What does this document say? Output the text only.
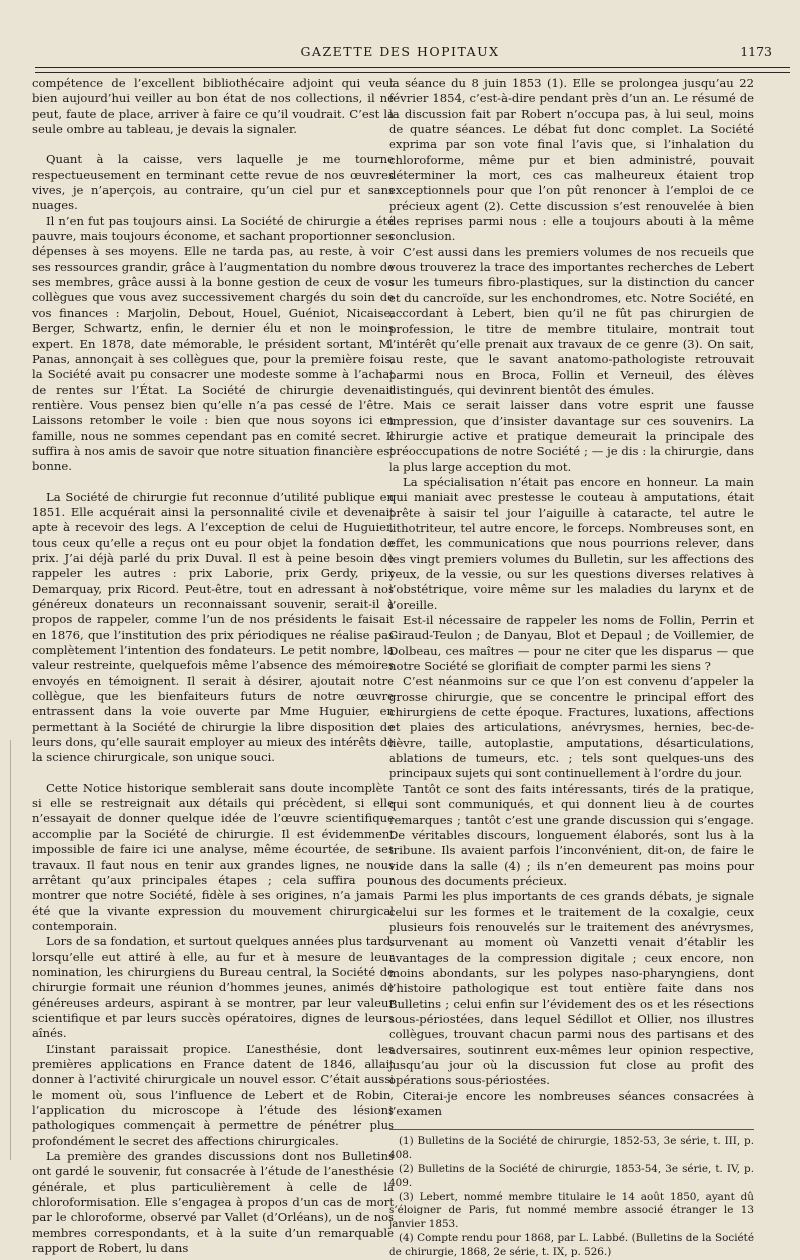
GAZETTE DES HOPITAUX	1173

compétence de l’excellent bibliothécaire adjoint qui veut bien aujourd’hui veiller au bon état de nos collections, il ne peut, faute de place, arriver à faire ce qu’il voudrait. C’est la seule ombre au tableau, je devais la signaler.

Quant à la caisse, vers laquelle je me tourne respectueusement en terminant cette revue de nos œuvres vives, je n’aperçois, au contraire, qu’un ciel pur et sans nuages.

Il n’en fut pas toujours ainsi. La Société de chirurgie a été pauvre, mais toujours économe, et sachant proportionner ses dépenses à ses moyens. Elle ne tarda pas, au reste, à voir ses ressources grandir, grâce à l’augmentation du nombre de ses membres, grâce aussi à la bonne gestion de ceux de vos collègues que vous avez successivement chargés du soin de vos finances : Marjolin, Debout, Houel, Guéniot, Nicaise, Berger, Schwartz, enfin, le dernier élu et non le moins expert. En 1878, date mémorable, le président sortant, M. Panas, annonçait à ses collègues que, pour la première fois, la Société avait pu consacrer une modeste somme à l’achat de rentes sur l’État. La Société de chirurgie devenait rentière. Vous pensez bien qu’elle n’a pas cessé de l’être. Laissons retomber le voile : bien que nous soyons ici en famille, nous ne sommes cependant pas en comité secret. Il suffira à nos amis de savoir que notre situation financière est bonne.

La Société de chirurgie fut reconnue d’utilité publique en 1851. Elle acquérait ainsi la personnalité civile et devenait apte à recevoir des legs. A l’exception de celui de Huguier, tous ceux qu’elle a reçus ont eu pour objet la fondation de prix. J’ai déjà parlé du prix Duval. Il est à peine besoin de rappeler les autres : prix Laborie, prix Gerdy, prix Demarquay, prix Ricord. Peut-être, tout en adressant à nos généreux donateurs un reconnaissant souvenir, serait-il à propos de rappeler, comme l’un de nos présidents le faisait en 1876, que l’institution des prix périodiques ne réalise pas complètement l’intention des fondateurs. Le petit nombre, la valeur restreinte, quelquefois même l’absence des mémoires envoyés en témoignent. Il serait à désirer, ajoutait notre collègue, que les bienfaiteurs futurs de notre œuvre entrassent dans la voie ouverte par Mme Huguier, en permettant à la Société de chirurgie la libre disposition de leurs dons, qu’elle saurait employer au mieux des intérêts de la science chirurgicale, son unique souci.

Cette Notice historique semblerait sans doute incomplète si elle se restreignait aux détails qui précèdent, si elle n’essayait de donner quelque idée de l’œuvre scientifique accomplie par la Société de chirurgie. Il est évidemment impossible de faire ici une analyse, même écourtée, de ses travaux. Il faut nous en tenir aux grandes lignes, ne nous arrêtant qu’aux principales étapes ; cela suffira pour montrer que notre Société, fidèle à ses origines, n’a jamais été que la vivante expression du mouvement chirurgical contemporain.

Lors de sa fondation, et surtout quelques années plus tard, lorsqu’elle eut attiré à elle, au fur et à mesure de leur nomination, les chirurgiens du Bureau central, la Société de chirurgie formait une réunion d’hommes jeunes, animés de généreuses ardeurs, aspirant à se montrer, par leur valeur scientifique et par leurs succès opératoires, dignes de leurs aînés.

L’instant paraissait propice. L’anesthésie, dont les premières applications en France datent de 1846, allait donner à l’activité chirurgicale un nouvel essor. C’était aussi le moment où, sous l’influence de Lebert et de Robin, l’application du microscope à l’étude des lésions pathologiques commençait à permettre de pénétrer plus profondément le secret des affections chirurgicales.

La première des grandes discussions dont nos Bulletins ont gardé le souvenir, fut consacrée à l’étude de l’anesthésie générale, et plus particulièrement à celle de la chloroformisation. Elle s’engagea à propos d’un cas de mort par le chloroforme, observé par Vallet (d’Orléans), un de nos membres correspondants, et à la suite d’un remarquable rapport de Robert, lu dans

la séance du 8 juin 1853 (1). Elle se prolongea jusqu’au 22 février 1854, c’est-à-dire pendant près d’un an. Le résumé de la discussion fait par Robert n’occupa pas, à lui seul, moins de quatre séances. Le débat fut donc complet. La Société exprima par son vote final l’avis que, si l’inhalation du chloroforme, même pur et bien administré, pouvait déterminer la mort, ces cas malheureux étaient trop exceptionnels pour que l’on pût renoncer à l’emploi de ce précieux agent (2). Cette discussion s’est renouvelée à bien des reprises parmi nous : elle a toujours abouti à la même conclusion.

C’est aussi dans les premiers volumes de nos recueils que vous trouverez la trace des importantes recherches de Lebert sur les tumeurs fibro-plastiques, sur la distinction du cancer et du cancroïde, sur les enchondromes, etc. Notre Société, en accordant à Lebert, bien qu’il ne fût pas chirurgien de profession, le titre de membre titulaire, montrait tout l’intérêt qu’elle prenait aux travaux de ce genre (3). On sait, au reste, que le savant anatomo-pathologiste retrouvait parmi nous en Broca, Follin et Verneuil, des élèves distingués, qui devinrent bientôt des émules.

Mais ce serait laisser dans votre esprit une fausse impression, que d’insister davantage sur ces souvenirs. La chirurgie active et pratique demeurait la principale des préoccupations de notre Société ; — je dis : la chirurgie, dans la plus large acception du mot.

La spécialisation n’était pas encore en honneur. La main qui maniait avec prestesse le couteau à amputations, était prête à saisir tel jour l’aiguille à cataracte, tel autre le lithotriteur, tel autre encore, le forceps. Nombreuses sont, en effet, les communications que nous pourrions relever, dans les vingt premiers volumes du Bulletin, sur les affections des yeux, de la vessie, ou sur les questions diverses relatives à l’obstétrique, voire même sur les maladies du larynx et de l’oreille.

Est-il nécessaire de rappeler les noms de Follin, Perrin et Giraud-Teulon ; de Danyau, Blot et Depaul ; de Voillemier, de Dolbeau, ces maîtres — pour ne citer que les disparus — que notre Société se glorifiait de compter parmi les siens ?

C’est néanmoins sur ce que l’on est convenu d’appeler la grosse chirurgie, que se concentre le principal effort des chirurgiens de cette époque. Fractures, luxations, affections et plaies des articulations, anévrysmes, hernies, bec-de-lièvre, taille, autoplastie, amputations, désarticulations, ablations de tumeurs, etc. ; tels sont quelques-uns des principaux sujets qui sont continuellement à l’ordre du jour.

Tantôt ce sont des faits intéressants, tirés de la pratique, qui sont communiqués, et qui donnent lieu à de courtes remarques ; tantôt c’est une grande discussion qui s’engage. De véritables discours, longuement élaborés, sont lus à la tribune. Ils avaient parfois l’inconvénient, dit-on, de faire le vide dans la salle (4) ; ils n’en demeurent pas moins pour nous des documents précieux.

Parmi les plus importants de ces grands débats, je signale celui sur les formes et le traitement de la coxalgie, ceux plusieurs fois renouvelés sur le traitement des anévrysmes, survenant au moment où Vanzetti venait d’établir les avantages de la compression digitale ; ceux encore, non moins abondants, sur les polypes naso-pharyngiens, dont l’histoire pathologique est tout entière faite dans nos Bulletins ; celui enfin sur l’évidement des os et les résections sous-périostées, dans lequel Sédillot et Ollier, nos illustres collègues, trouvant chacun parmi nous des partisans et des adversaires, soutinrent eux-mêmes leur opinion respective, jusqu’au jour où la discussion fut close au profit des opérations sous-périostées.

Citerai-je encore les nombreuses séances consacrées à l’examen

(1) Bulletins de la Société de chirurgie, 1852-53, 3e série, t. III, p. 408.

(2) Bulletins de la Société de chirurgie, 1853-54, 3e série, t. IV, p. 409.

(3) Lebert, nommé membre titulaire le 14 août 1850, ayant dû s’éloigner de Paris, fut nommé membre associé étranger le 13 janvier 1853.

(4) Compte rendu pour 1868, par L. Labbé. (Bulletins de la Société de chirurgie, 1868, 2e série, t. IX, p. 526.)
